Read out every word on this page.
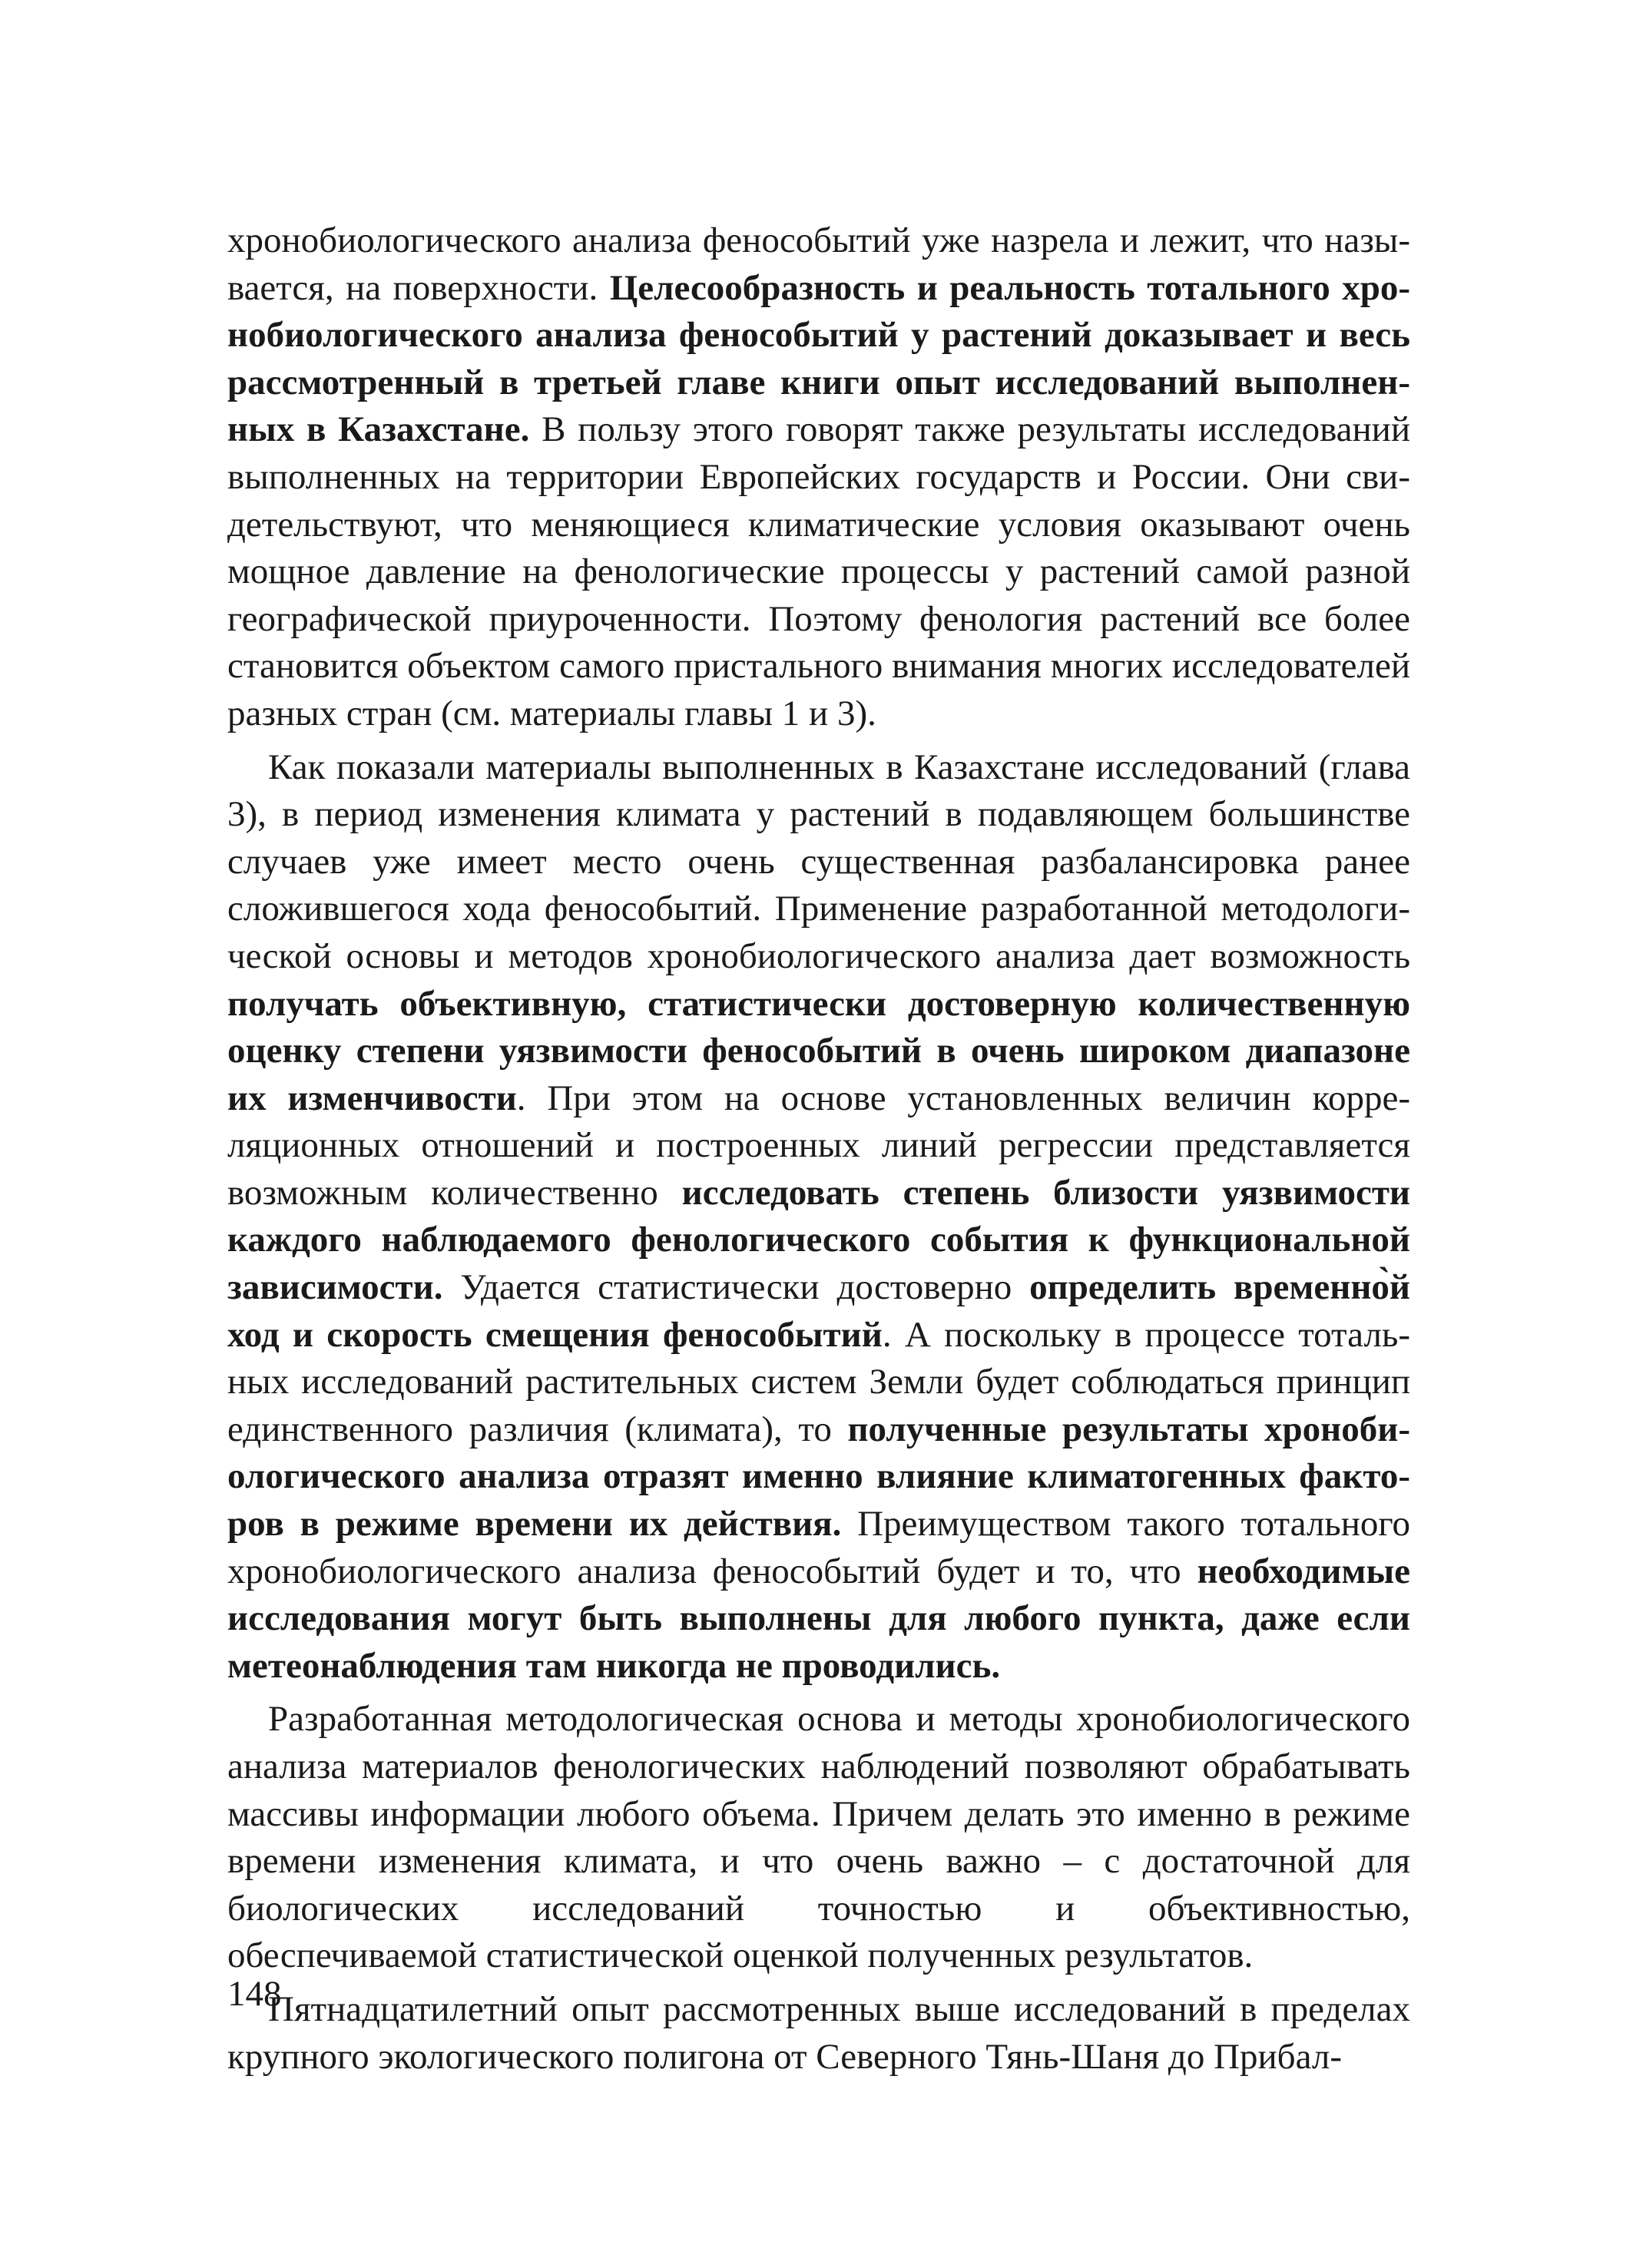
хронобиологического анализа феноcобытий уже назрела и лежит, что называется, на поверхности. Целесообразность и реальность тотального хронобиологического анализа феноcобытий у растений доказывает и весь рассмотренный в третьей главе книги опыт исследований выполненных в Казахстане. В пользу этого говорят также результаты исследований выполненных на территории Европейских государств и России. Они свидетельствуют, что меняющиеся климатические условия оказывают очень мощное давление на фенологические процессы у растений самой разной географической приуроченности. Поэтому фенология растений все более становится объектом самого пристального внимания многих исследователей разных стран (см. материалы главы 1 и 3).

Как показали материалы выполненных в Казахстане исследований (глава 3), в период изменения климата у растений в подавляющем большинстве случаев уже имеет место очень существенная разбалансировка ранее сложившегося хода феноcобытий. Применение разработанной методологической основы и методов хронобиологического анализа дает возможность получать объективную, статистически достоверную количественную оценку степени уязвимости феноcобытий в очень широком диапазоне их изменчивости. При этом на основе установленных величин корреляционных отношений и построенных линий регрессии представляется возможным количественно исследовать степень близости уязвимости каждого наблюдаемого фенологического события к функциональной зависимости. Удается статистически достоверно определить временно̀й ход и скорость смещения феноcобытий. А поскольку в процессе тотальных исследований растительных систем Земли будет соблюдаться принцип единственного различия (климата), то полученные результаты хронοбиологического анализа отразят именно влияние климатогенных факторов в режиме времени их действия. Преимуществом такого тотального хронобиологического анализа феноcобытий будет и то, что необходимые исследования могут быть выполнены для любого пункта, даже если метеонаблюдения там никогда не проводились.

Разработанная методологическая основа и методы хронобиологического анализа материалов фенологических наблюдений позволяют обрабатывать массивы информации любого объема. Причем делать это именно в режиме времени изменения климата, и что очень важно – с достаточной для биологических исследований точностью и объективностью, обеспечиваемой статистической оценкой полученных результатов.

Пятнадцатилетний опыт рассмотренных выше исследований в пределах крупного экологического полигона от Северного Тянь-Шаня до Прибал-

148
